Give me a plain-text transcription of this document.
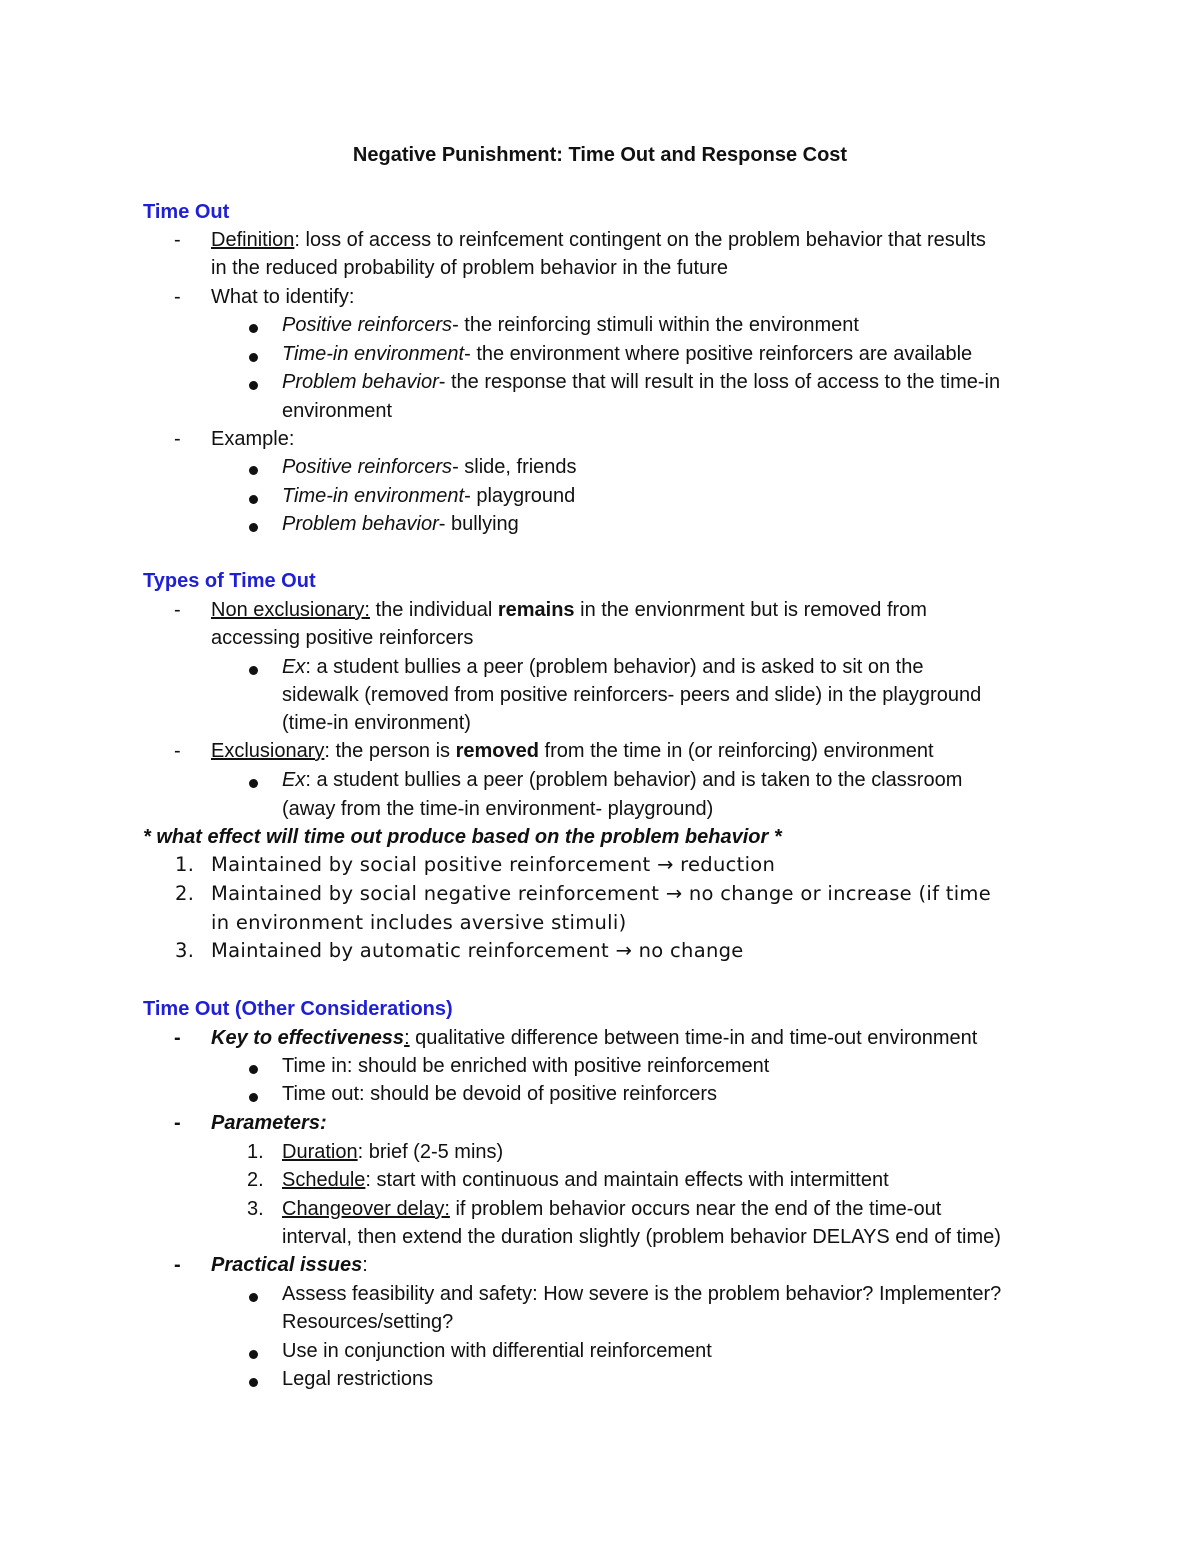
Negative Punishment: Time Out and Response Cost
Time Out
- Definition: loss of access to reinfcement contingent on the problem behavior that results
in the reduced probability of problem behavior in the future
- What to identify:
Positive reinforcers- the reinforcing stimuli within the environment
Time-in environment- the environment where positive reinforcers are available
Problem behavior- the response that will result in the loss of access to the time-in
environment
- Example:
Positive reinforcers- slide, friends
Time-in environment- playground
Problem behavior- bullying
Types of Time Out
- Non exclusionary: the individual remains in the envionrment but is removed from
accessing positive reinforcers
Ex: a student bullies a peer (problem behavior) and is asked to sit on the
sidewalk (removed from positive reinforcers- peers and slide) in the playground
(time-in environment)
- Exclusionary: the person is removed from the time in (or reinforcing) environment
Ex: a student bullies a peer (problem behavior) and is taken to the classroom
(away from the time-in environment- playground)
* what effect will time out produce based on the problem behavior *
1. Maintained by social positive reinforcement → reduction
2. Maintained by social negative reinforcement → no change or increase (if time
in environment includes aversive stimuli)
3. Maintained by automatic reinforcement → no change
Time Out (Other Considerations)
- Key to effectiveness: qualitative difference between time-in and time-out environment
Time in: should be enriched with positive reinforcement
Time out: should be devoid of positive reinforcers
- Parameters:
1. Duration: brief (2-5 mins)
2. Schedule: start with continuous and maintain effects with intermittent
3. Changeover delay: if problem behavior occurs near the end of the time-out
interval, then extend the duration slightly (problem behavior DELAYS end of time)
- Practical issues:
Assess feasibility and safety: How severe is the problem behavior? Implementer?
Resources/setting?
Use in conjunction with differential reinforcement
Legal restrictions
